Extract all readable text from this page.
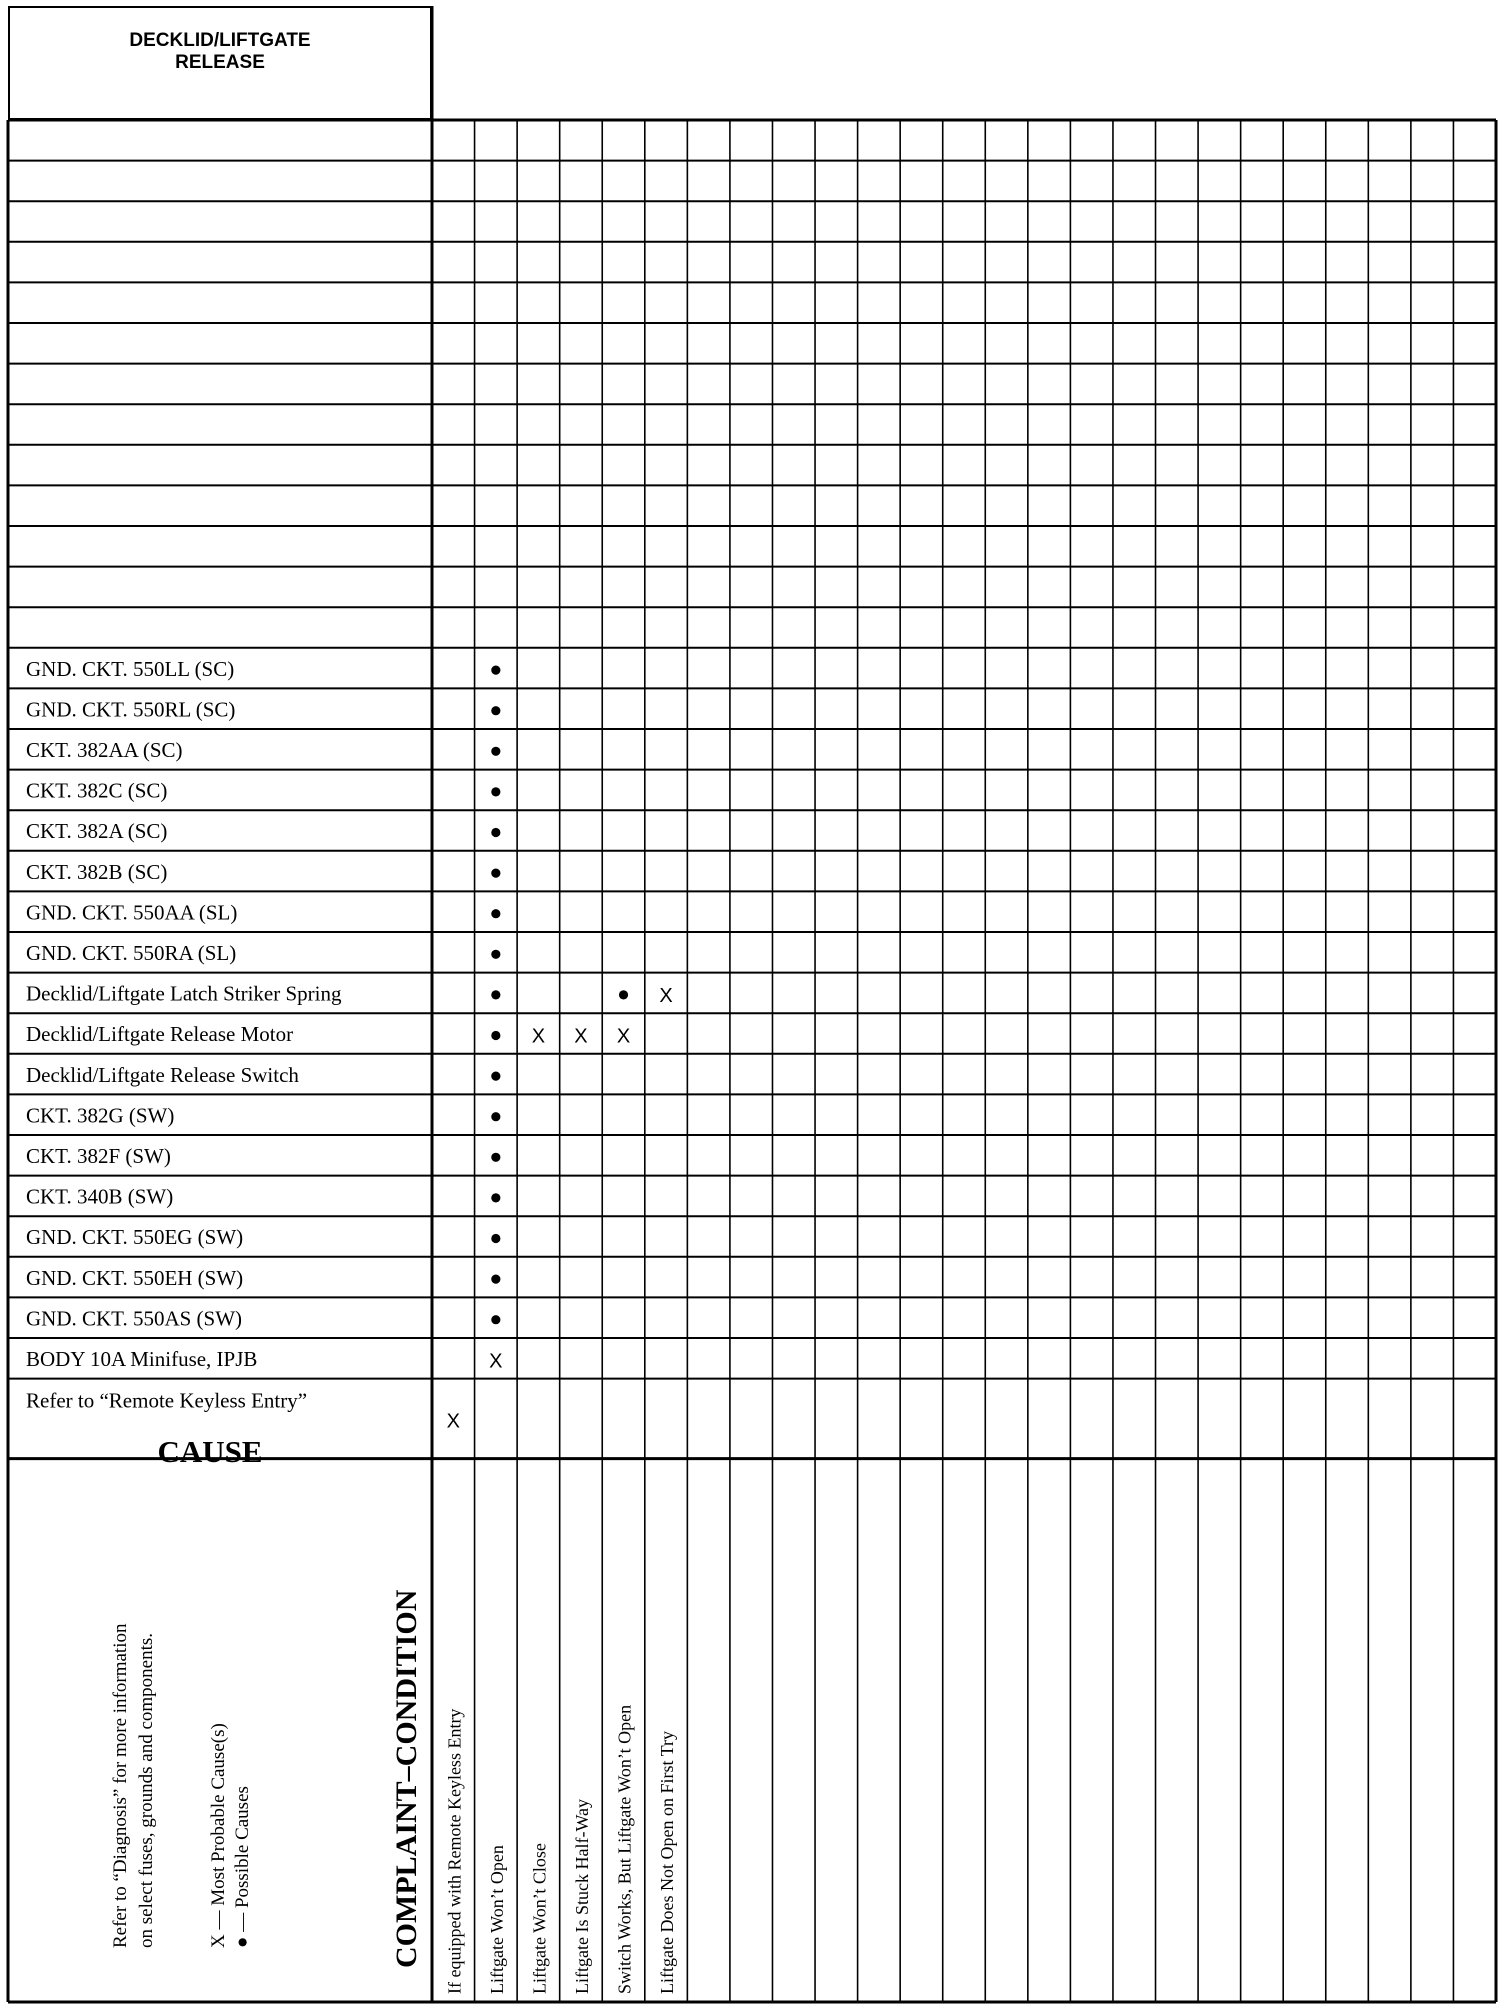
DECKLID/LIFTGATE
RELEASE
GND. CKT. 550LL (SC)
GND. CKT. 550RL (SC)
CKT. 382AA (SC)
CKT. 382C (SC)
CKT. 382A (SC)
CKT. 382B (SC)
GND. CKT. 550AA (SL)
GND. CKT. 550RA (SL)
Decklid/Liftgate Latch Striker Spring
Decklid/Liftgate Release Motor
Decklid/Liftgate Release Switch
CKT. 382G (SW)
CKT. 382F (SW)
CKT. 340B (SW)
GND. CKT. 550EG (SW)
GND. CKT. 550EH (SW)
GND. CKT. 550AS (SW)
BODY 10A Minifuse, IPJB
Refer to “Remote Keyless Entry”
X
X X X
X
X
If equipped with Remote Keyless Entry Liftgate Won’t Open Liftgate Won’t Close Liftgate Is Stuck Half-Way Switch Works, But Liftgate Won’t Open Liftgate Does Not Open on First Try
CAUSE
Refer to “Diagnosis” for more information on select fuses, grounds and components.	X — Most Probable Cause(s) ● — Possible Causes	COMPLAINT–CONDITION
